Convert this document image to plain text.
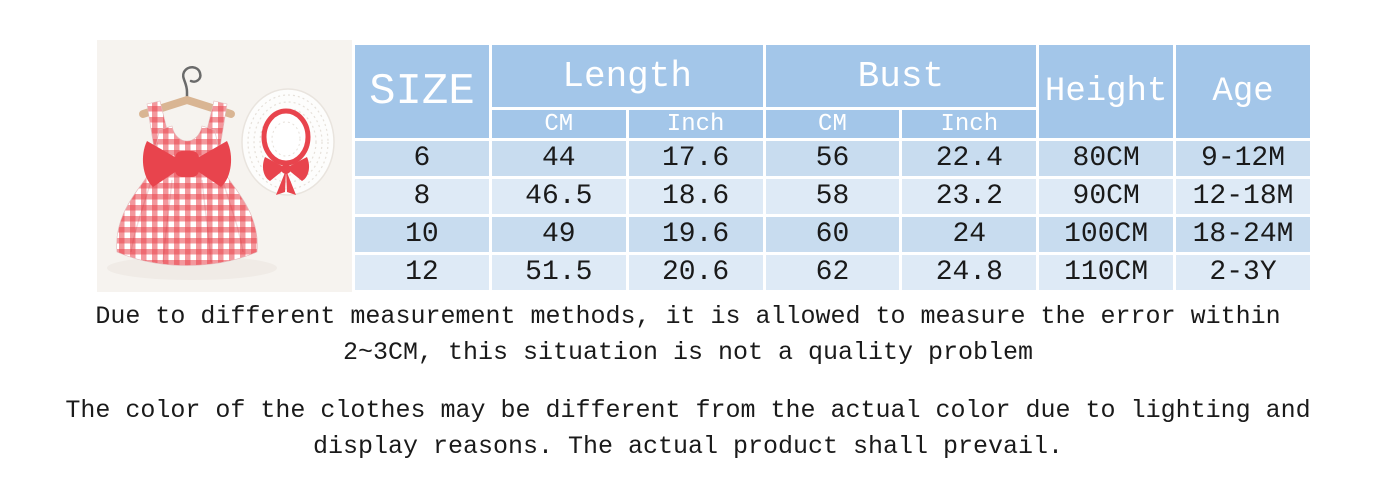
SIZE	Length		Bust		Height	Age
	CM	Inch	CM	Inch		
6	44	17.6	56	22.4	80CM	9-12M
8	46.5	18.6	58	23.2	90CM	12-18M
10	49	19.6	60	24	100CM	18-24M
12	51.5	20.6	62	24.8	110CM	2-3Y

Due to different measurement methods, it is allowed to measure the error within
2~3CM, this situation is not a quality problem

The color of the clothes may be different from the actual color due to lighting and
display reasons. The actual product shall prevail.
